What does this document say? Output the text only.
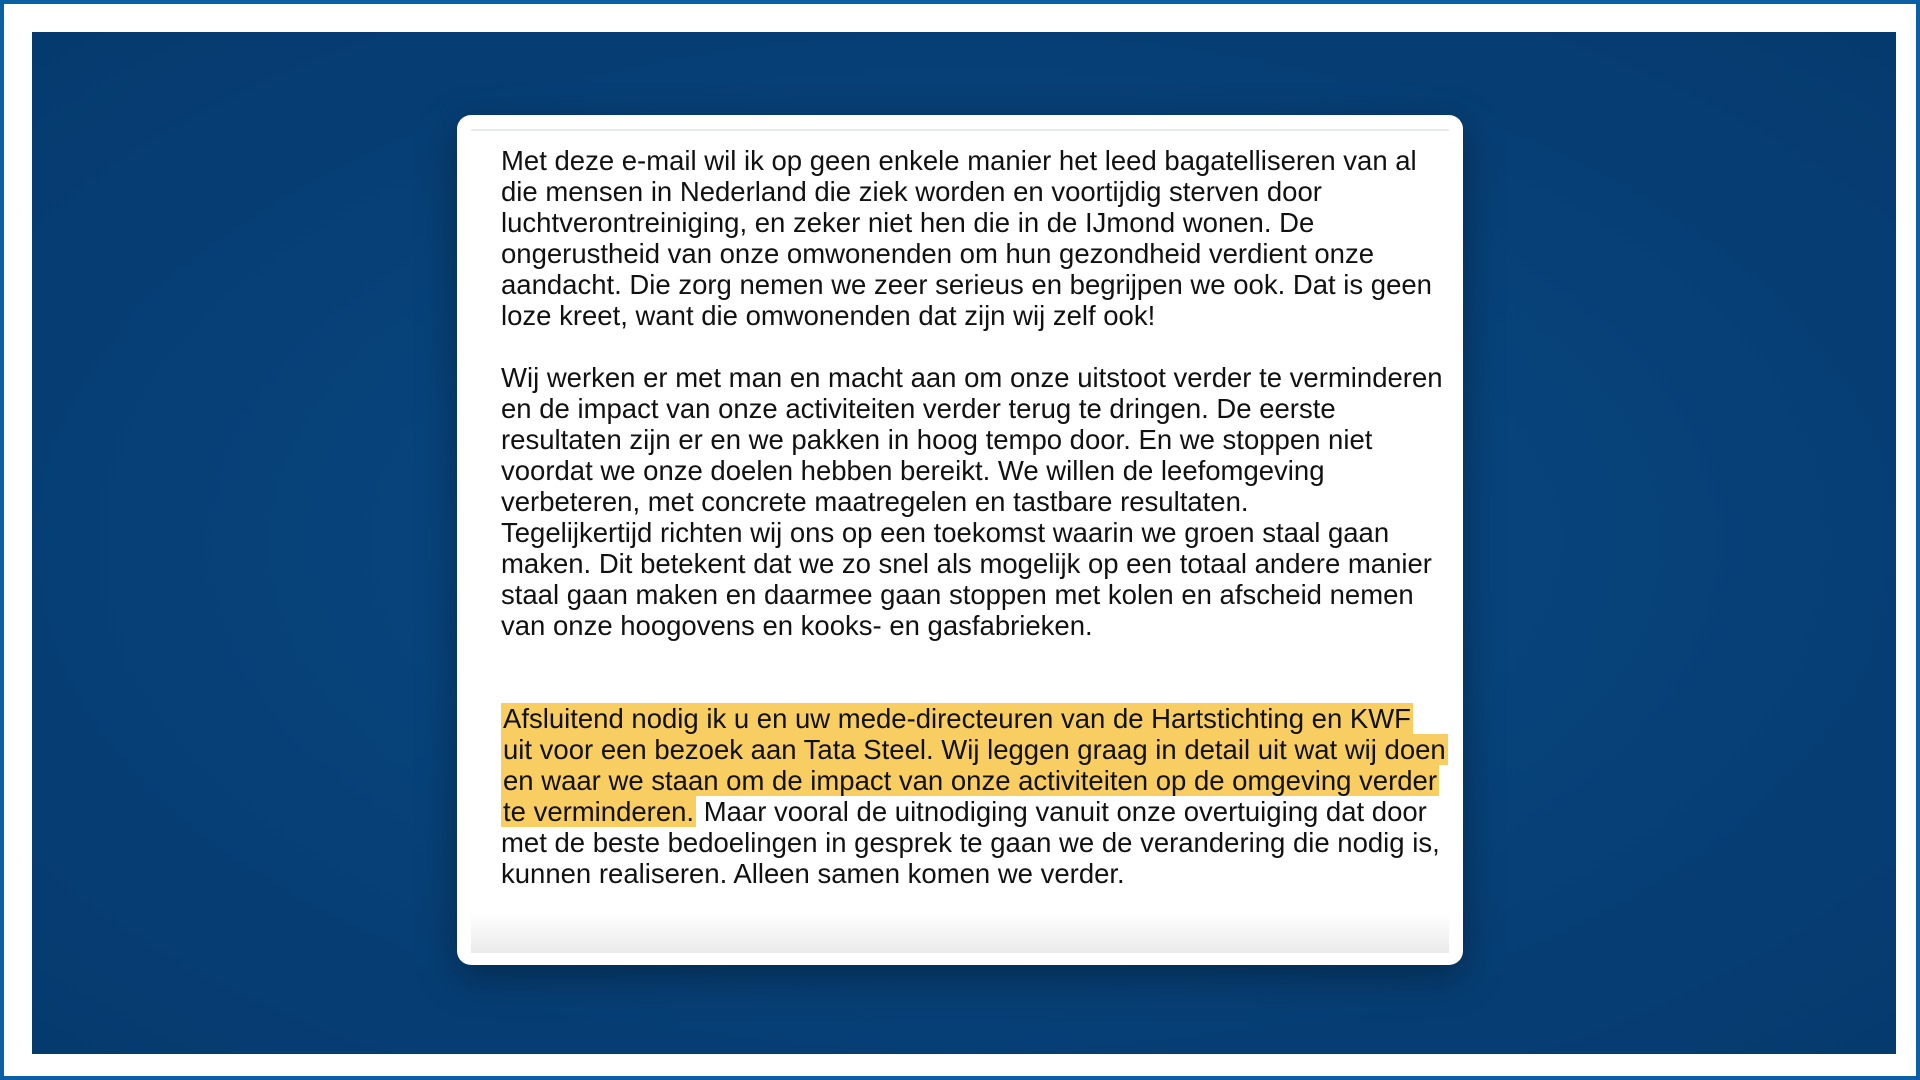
Met deze e-mail wil ik op geen enkele manier het leed bagatelliseren van al die mensen in Nederland die ziek worden en voortijdig sterven door luchtverontreiniging, en zeker niet hen die in de IJmond wonen. De ongerustheid van onze omwonenden om hun gezondheid verdient onze aandacht. Die zorg nemen we zeer serieus en begrijpen we ook. Dat is geen loze kreet, want die omwonenden dat zijn wij zelf ook!

Wij werken er met man en macht aan om onze uitstoot verder te verminderen en de impact van onze activiteiten verder terug te dringen. De eerste resultaten zijn er en we pakken in hoog tempo door. En we stoppen niet voordat we onze doelen hebben bereikt. We willen de leefomgeving verbeteren, met concrete maatregelen en tastbare resultaten.

Tegelijkertijd richten wij ons op een toekomst waarin we groen staal gaan maken. Dit betekent dat we zo snel als mogelijk op een totaal andere manier staal gaan maken en daarmee gaan stoppen met kolen en afscheid nemen van onze hoogovens en kooks- en gasfabrieken.

Afsluitend nodig ik u en uw mede-directeuren van de Hartstichting en KWF uit voor een bezoek aan Tata Steel. Wij leggen graag in detail uit wat wij doen en waar we staan om de impact van onze activiteiten op de omgeving verder te verminderen. Maar vooral de uitnodiging vanuit onze overtuiging dat door met de beste bedoelingen in gesprek te gaan we de verandering die nodig is, kunnen realiseren. Alleen samen komen we verder.
